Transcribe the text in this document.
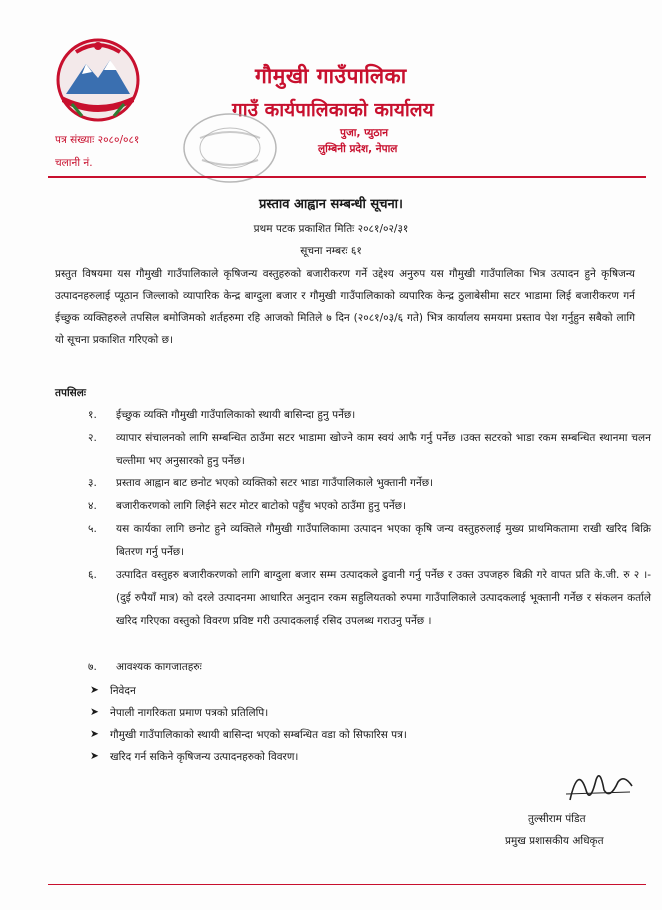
गौमुखी गाउँपालिका
गाउँ कार्यपालिकाको कार्यालय
पुजा, प्युठान
लुम्बिनी प्रदेश, नेपाल
पत्र संख्याः २०८०/०८१
चलानी नं.
प्रस्ताव आह्वान सम्बन्धी सूचना।
प्रथम पटक प्रकाशित मितिः २०८१/०२/३१
सूचना नम्बरः ६१
प्रस्तुत विषयमा यस गौमुखी गाउँपालिकाले कृषिजन्य वस्तुहरुको बजारीकरण गर्ने उद्देश्य अनुरुप यस गौमुखी गाउँपालिका भित्र उत्पादन हुने कृषिजन्य उत्पादनहरुलाई प्यूठान जिल्लाको व्यापारिक केन्द्र बाग्दुला बजार र गौमुखी गाउँपालिकाको व्यपारिक केन्द्र ठुलाबेसीमा सटर भाडामा लिई बजारीकरण गर्न ईच्छुक व्यक्तिहरुले तपसिल बमोजिमको शर्तहरुमा रहि आजको मितिले ७ दिन (२०८१/०३/६ गते) भित्र कार्यालय समयमा प्रस्ताव पेश गर्नुहुन सबैको लागि यो सूचना प्रकाशित गरिएको छ।
तपसिलः
१. ईच्छुक व्यक्ति गौमुखी गाउँपालिकाको स्थायी बासिन्दा हुनु पर्नेछ।
२. व्यापार संचालनको लागि सम्बन्धित ठाउँमा सटर भाडामा खोज्ने काम स्वयं आफै गर्नु पर्नेछ ।उक्त सटरको भाडा रकम सम्बन्धित स्थानमा चलन चल्तीमा भए अनुसारको हुनु पर्नेछ।
३. प्रस्ताव आह्वान बाट छनोट भएको व्यक्तिको सटर भाडा गाउँपालिकाले भुक्तानी गर्नेछ।
४. बजारीकरणको लागि लिईने सटर मोटर बाटोको पहुँच भएको ठाउँमा हुनु पर्नेछ।
५. यस कार्यका लागि छनोट हुने व्यक्तिले गौमुखी गाउँपालिकामा उत्पादन भएका कृषि जन्य वस्तुहरुलाई मुख्य प्राथमिकतामा राखी खरिद बिक्रि बितरण गर्नु पर्नेछ।
६. उत्पादित वस्तुहरु बजारीकरणको लागि बाग्दुला बजार सम्म उत्पादकले ढुवानी गर्नु पर्नेछ र उक्त उपजहरु बिक्री गरे वापत प्रति के.जी. रु २ ।- (दुई रुपैयाँ मात्र) को दरले उत्पादनमा आधारित अनुदान रकम सहुलियतको रुपमा गाउँपालिकाले उत्पादकलाई भूक्तानी गर्नेछ र संकलन कर्ताले खरिद गरिएका वस्तुको विवरण प्रविष्ट गरी उत्पादकलाई रसिद उपलब्ध गराउनु पर्नेछ ।
७. आवश्यक कागजातहरुः
➤ निवेदन
➤ नेपाली नागरिकता प्रमाण पत्रको प्रतिलिपि।
➤ गौमुखी गाउँपालिकाको स्थायी बासिन्दा भएको सम्बन्धित वडा को सिफारिस पत्र।
➤ खरिद गर्न सकिने कृषिजन्य उत्पादनहरुको विवरण।
तुल्सीराम पंडित
प्रमुख प्रशासकीय अधिकृत
